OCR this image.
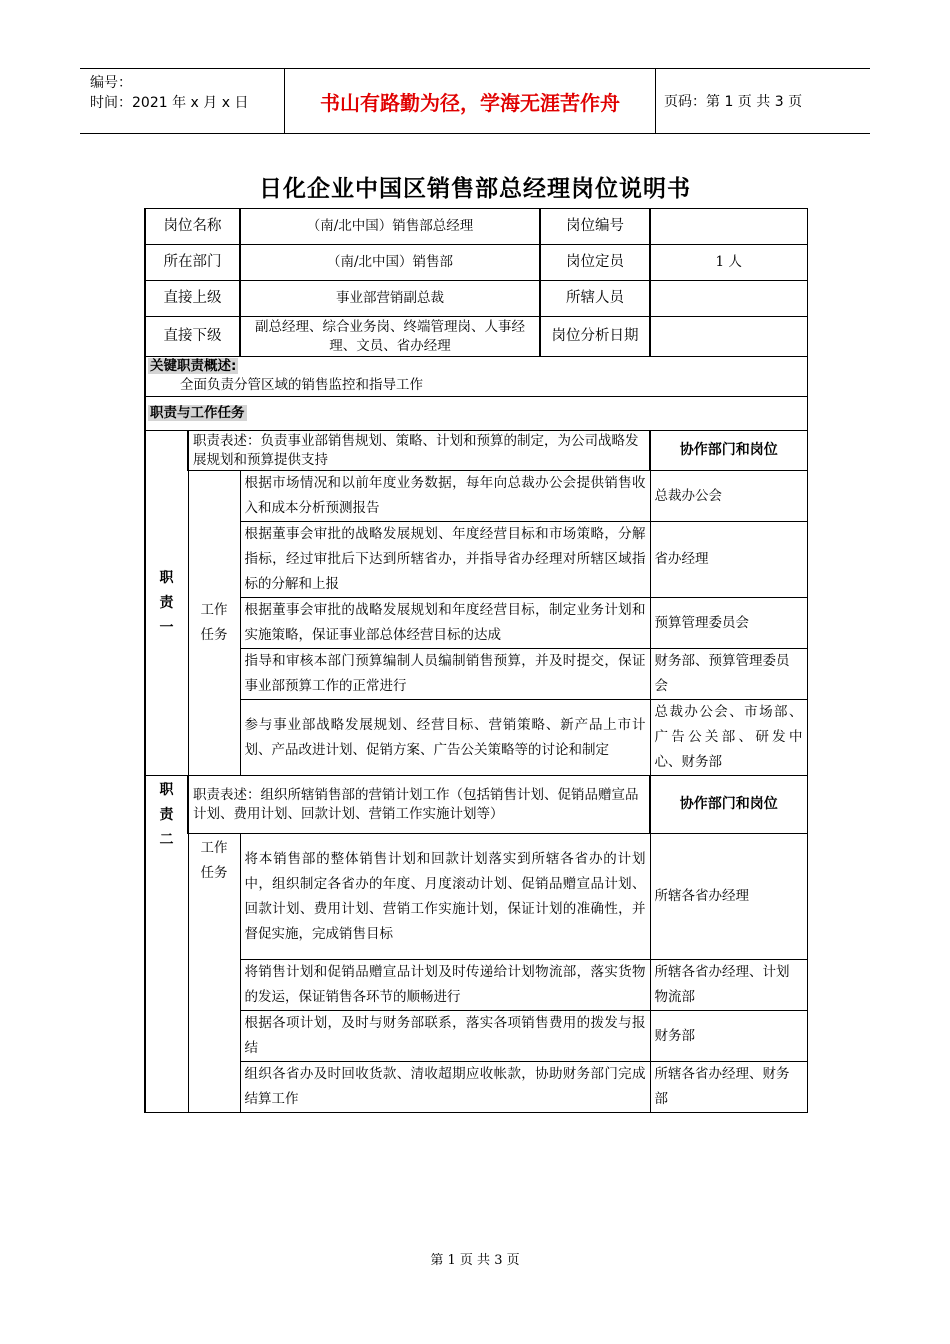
编号：
时间：2021 年 x 月 x 日	书山有路勤为径，学海无涯苦作舟	页码：第 1 页 共 3 页
日化企业中国区销售部总经理岗位说明书
岗位名称		（南/北中国）销售部总经理	岗位编号	
所在部门		（南/北中国）销售部	岗位定员	1 人
直接上级		事业部营销副总裁	所辖人员	
直接下级		副总经理、综合业务岗、终端管理岗、人事经理、文员、省办经理	岗位分析日期	

关键职责概述:
全面负责分管区域的销售监控和指导工作				

职责与工作任务				

职责一	职责表述：负责事业部销售规划、策略、计划和预算的制定，为公司战略发展规划和预算提供支持			协作部门和岗位

	工作任务	根据市场情况和以前年度业务数据，每年向总裁办公会提供销售收入和成本分析预测报告		总裁办公会
		根据董事会审批的战略发展规划、年度经营目标和市场策略，分解指标，经过审批后下达到所辖省办，并指导省办经理对所辖区域指标的分解和上报		省办经理
		根据董事会审批的战略发展规划和年度经营目标，制定业务计划和实施策略，保证事业部总体经营目标的达成		预算管理委员会
		指导和审核本部门预算编制人员编制销售预算，并及时提交，保证事业部预算工作的正常进行		财务部、预算管理委员会
		参与事业部战略发展规划、经营目标、营销策略、新产品上市计划、产品改进计划、促销方案、广告公关策略等的讨论和制定		总裁办公会、市场部、广告公关部、研发中心、财务部

职责二	职责表述：组织所辖销售部的营销计划工作（包括销售计划、促销品赠宣品计划、费用计划、回款计划、营销工作实施计划等）			协作部门和岗位

	工作任务	将本销售部的整体销售计划和回款计划落实到所辖各省办的计划中，组织制定各省办的年度、月度滚动计划、促销品赠宣品计划、回款计划、费用计划、营销工作实施计划，保证计划的准确性，并督促实施，完成销售目标		所辖各省办经理
		将销售计划和促销品赠宣品计划及时传递给计划物流部，落实货物的发运，保证销售各环节的顺畅进行		所辖各省办经理、计划物流部
		根据各项计划，及时与财务部联系，落实各项销售费用的拨发与报结		财务部
		组织各省办及时回收货款、清收超期应收帐款，协助财务部门完成结算工作		所辖各省办经理、财务部
第 1 页 共 3 页
